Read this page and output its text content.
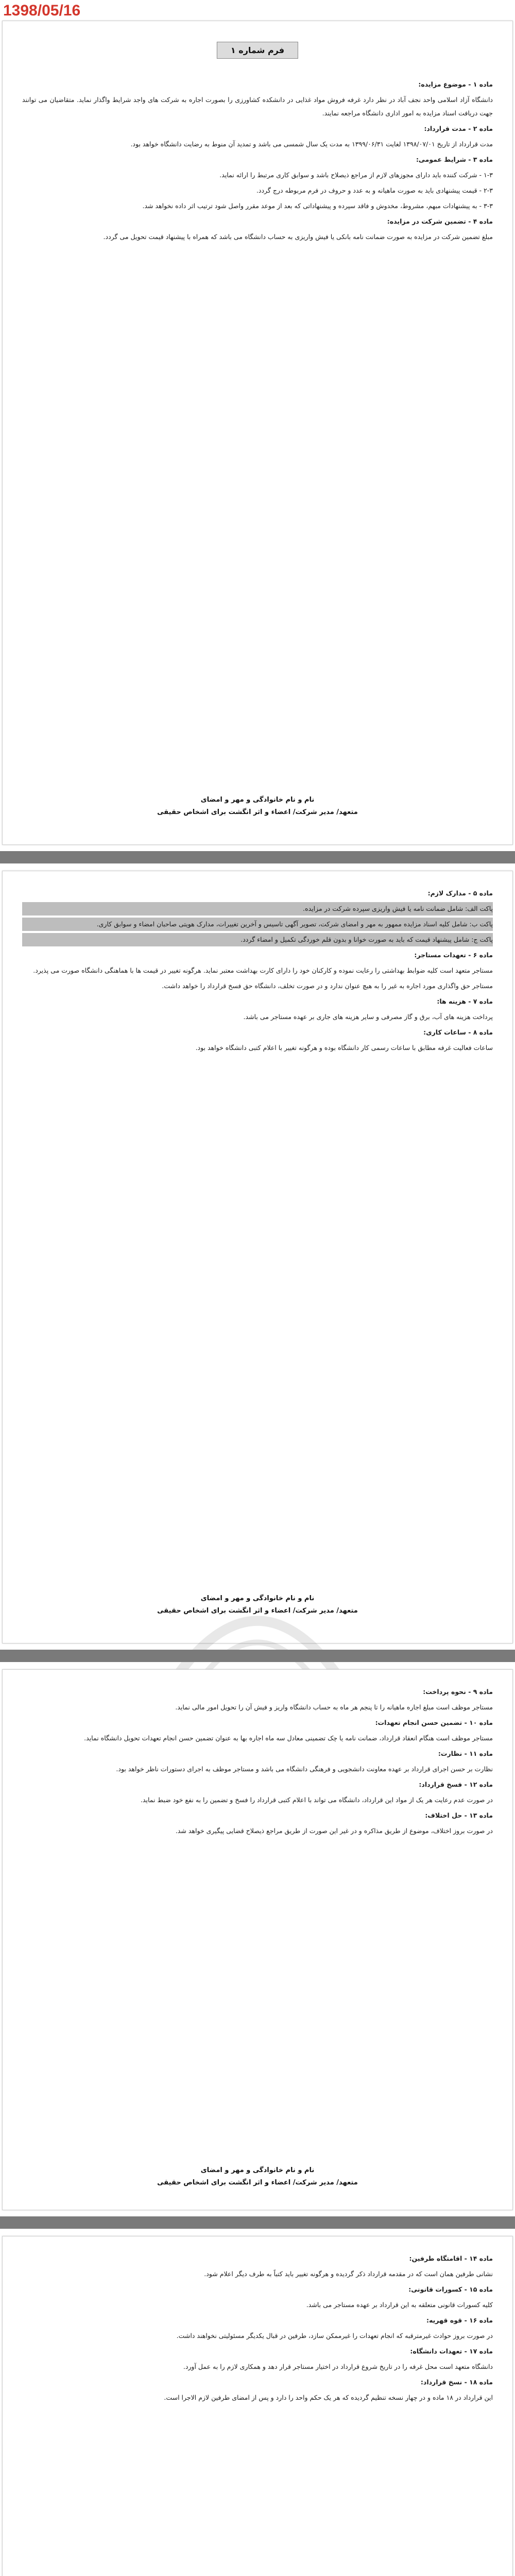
1398/05/16
فرم شماره ۱

ماده ۱ - موضوع مزایده:

دانشگاه آزاد اسلامی واحد نجف آباد در نظر دارد غرفه فروش مواد غذایی در دانشکده کشاورزی را بصورت اجاره به شرکت های واجد شرایط واگذار نماید. متقاضیان می توانند جهت دریافت اسناد مزایده به امور اداری دانشگاه مراجعه نمایند.

ماده ۲ - مدت قرارداد:

مدت قرارداد از تاریخ ۱۳۹۸/۰۷/۰۱ لغایت ۱۳۹۹/۰۶/۳۱ به مدت یک سال شمسی می باشد و تمدید آن منوط به رضایت دانشگاه خواهد بود.

ماده ۳ - شرایط عمومی:

۱-۳ - شرکت کننده باید دارای مجوزهای لازم از مراجع ذیصلاح باشد و سوابق کاری مرتبط را ارائه نماید.

۲-۳ - قیمت پیشنهادی باید به صورت ماهیانه و به عدد و حروف در فرم مربوطه درج گردد.

۳-۳ - به پیشنهادات مبهم، مشروط، مخدوش و فاقد سپرده و پیشنهاداتی که بعد از موعد مقرر واصل شود ترتیب اثر داده نخواهد شد.

ماده ۴ - تضمین شرکت در مزایده:

مبلغ تضمین شرکت در مزایده به صورت ضمانت نامه بانکی یا فیش واریزی به حساب دانشگاه می باشد که همراه با پیشنهاد قیمت تحویل می گردد.

نام و نام خانوادگی و مهر و امضای
متعهد/ مدیر شرکت/ اعضاء و اثر انگشت برای اشخاص حقیقی

ماده ۵ - مدارک لازم:

پاکت الف: شامل ضمانت نامه یا فیش واریزی سپرده شرکت در مزایده.

پاکت ب: شامل کلیه اسناد مزایده ممهور به مهر و امضای شرکت، تصویر آگهی تاسیس و آخرین تغییرات، مدارک هویتی صاحبان امضاء و سوابق کاری.

پاکت ج: شامل پیشنهاد قیمت که باید به صورت خوانا و بدون قلم خوردگی تکمیل و امضاء گردد.

ماده ۶ - تعهدات مستاجر:

مستاجر متعهد است کلیه ضوابط بهداشتی را رعایت نموده و کارکنان خود را دارای کارت بهداشت معتبر نماید. هرگونه تغییر در قیمت ها با هماهنگی دانشگاه صورت می پذیرد.

مستاجر حق واگذاری مورد اجاره به غیر را به هیچ عنوان ندارد و در صورت تخلف، دانشگاه حق فسخ قرارداد را خواهد داشت.

ماده ۷ - هزینه ها:

پرداخت هزینه های آب، برق و گاز مصرفی و سایر هزینه های جاری بر عهده مستاجر می باشد.

ماده ۸ - ساعات کاری:

ساعات فعالیت غرفه مطابق با ساعات رسمی کار دانشگاه بوده و هرگونه تغییر با اعلام کتبی دانشگاه خواهد بود.

نام و نام خانوادگی و مهر و امضای
متعهد/ مدیر شرکت/ اعضاء و اثر انگشت برای اشخاص حقیقی

ماده ۹ - نحوه پرداخت:

مستاجر موظف است مبلغ اجاره ماهیانه را تا پنجم هر ماه به حساب دانشگاه واریز و فیش آن را تحویل امور مالی نماید.

ماده ۱۰ - تضمین حسن انجام تعهدات:

مستاجر موظف است هنگام انعقاد قرارداد، ضمانت نامه یا چک تضمینی معادل سه ماه اجاره بها به عنوان تضمین حسن انجام تعهدات تحویل دانشگاه نماید.

ماده ۱۱ - نظارت:

نظارت بر حسن اجرای قرارداد بر عهده معاونت دانشجویی و فرهنگی دانشگاه می باشد و مستاجر موظف به اجرای دستورات ناظر خواهد بود.

ماده ۱۲ - فسخ قرارداد:

در صورت عدم رعایت هر یک از مواد این قرارداد، دانشگاه می تواند با اعلام کتبی قرارداد را فسخ و تضمین را به نفع خود ضبط نماید.

ماده ۱۳ - حل اختلاف:

در صورت بروز اختلاف، موضوع از طریق مذاکره و در غیر این صورت از طریق مراجع ذیصلاح قضایی پیگیری خواهد شد.

نام و نام خانوادگی و مهر و امضای
متعهد/ مدیر شرکت/ اعضاء و اثر انگشت برای اشخاص حقیقی

ماده ۱۴ - اقامتگاه طرفین:

نشانی طرفین همان است که در مقدمه قرارداد ذکر گردیده و هرگونه تغییر باید کتباً به طرف دیگر اعلام شود.

ماده ۱۵ - کسورات قانونی:

کلیه کسورات قانونی متعلقه به این قرارداد بر عهده مستاجر می باشد.

ماده ۱۶ - قوه قهریه:

در صورت بروز حوادث غیرمترقبه که انجام تعهدات را غیرممکن سازد، طرفین در قبال یکدیگر مسئولیتی نخواهند داشت.

ماده ۱۷ - تعهدات دانشگاه:

دانشگاه متعهد است محل غرفه را در تاریخ شروع قرارداد در اختیار مستاجر قرار دهد و همکاری لازم را به عمل آورد.

ماده ۱۸ - نسخ قرارداد:

این قرارداد در ۱۸ ماده و در چهار نسخه تنظیم گردیده که هر یک حکم واحد را دارد و پس از امضای طرفین لازم الاجرا است.
